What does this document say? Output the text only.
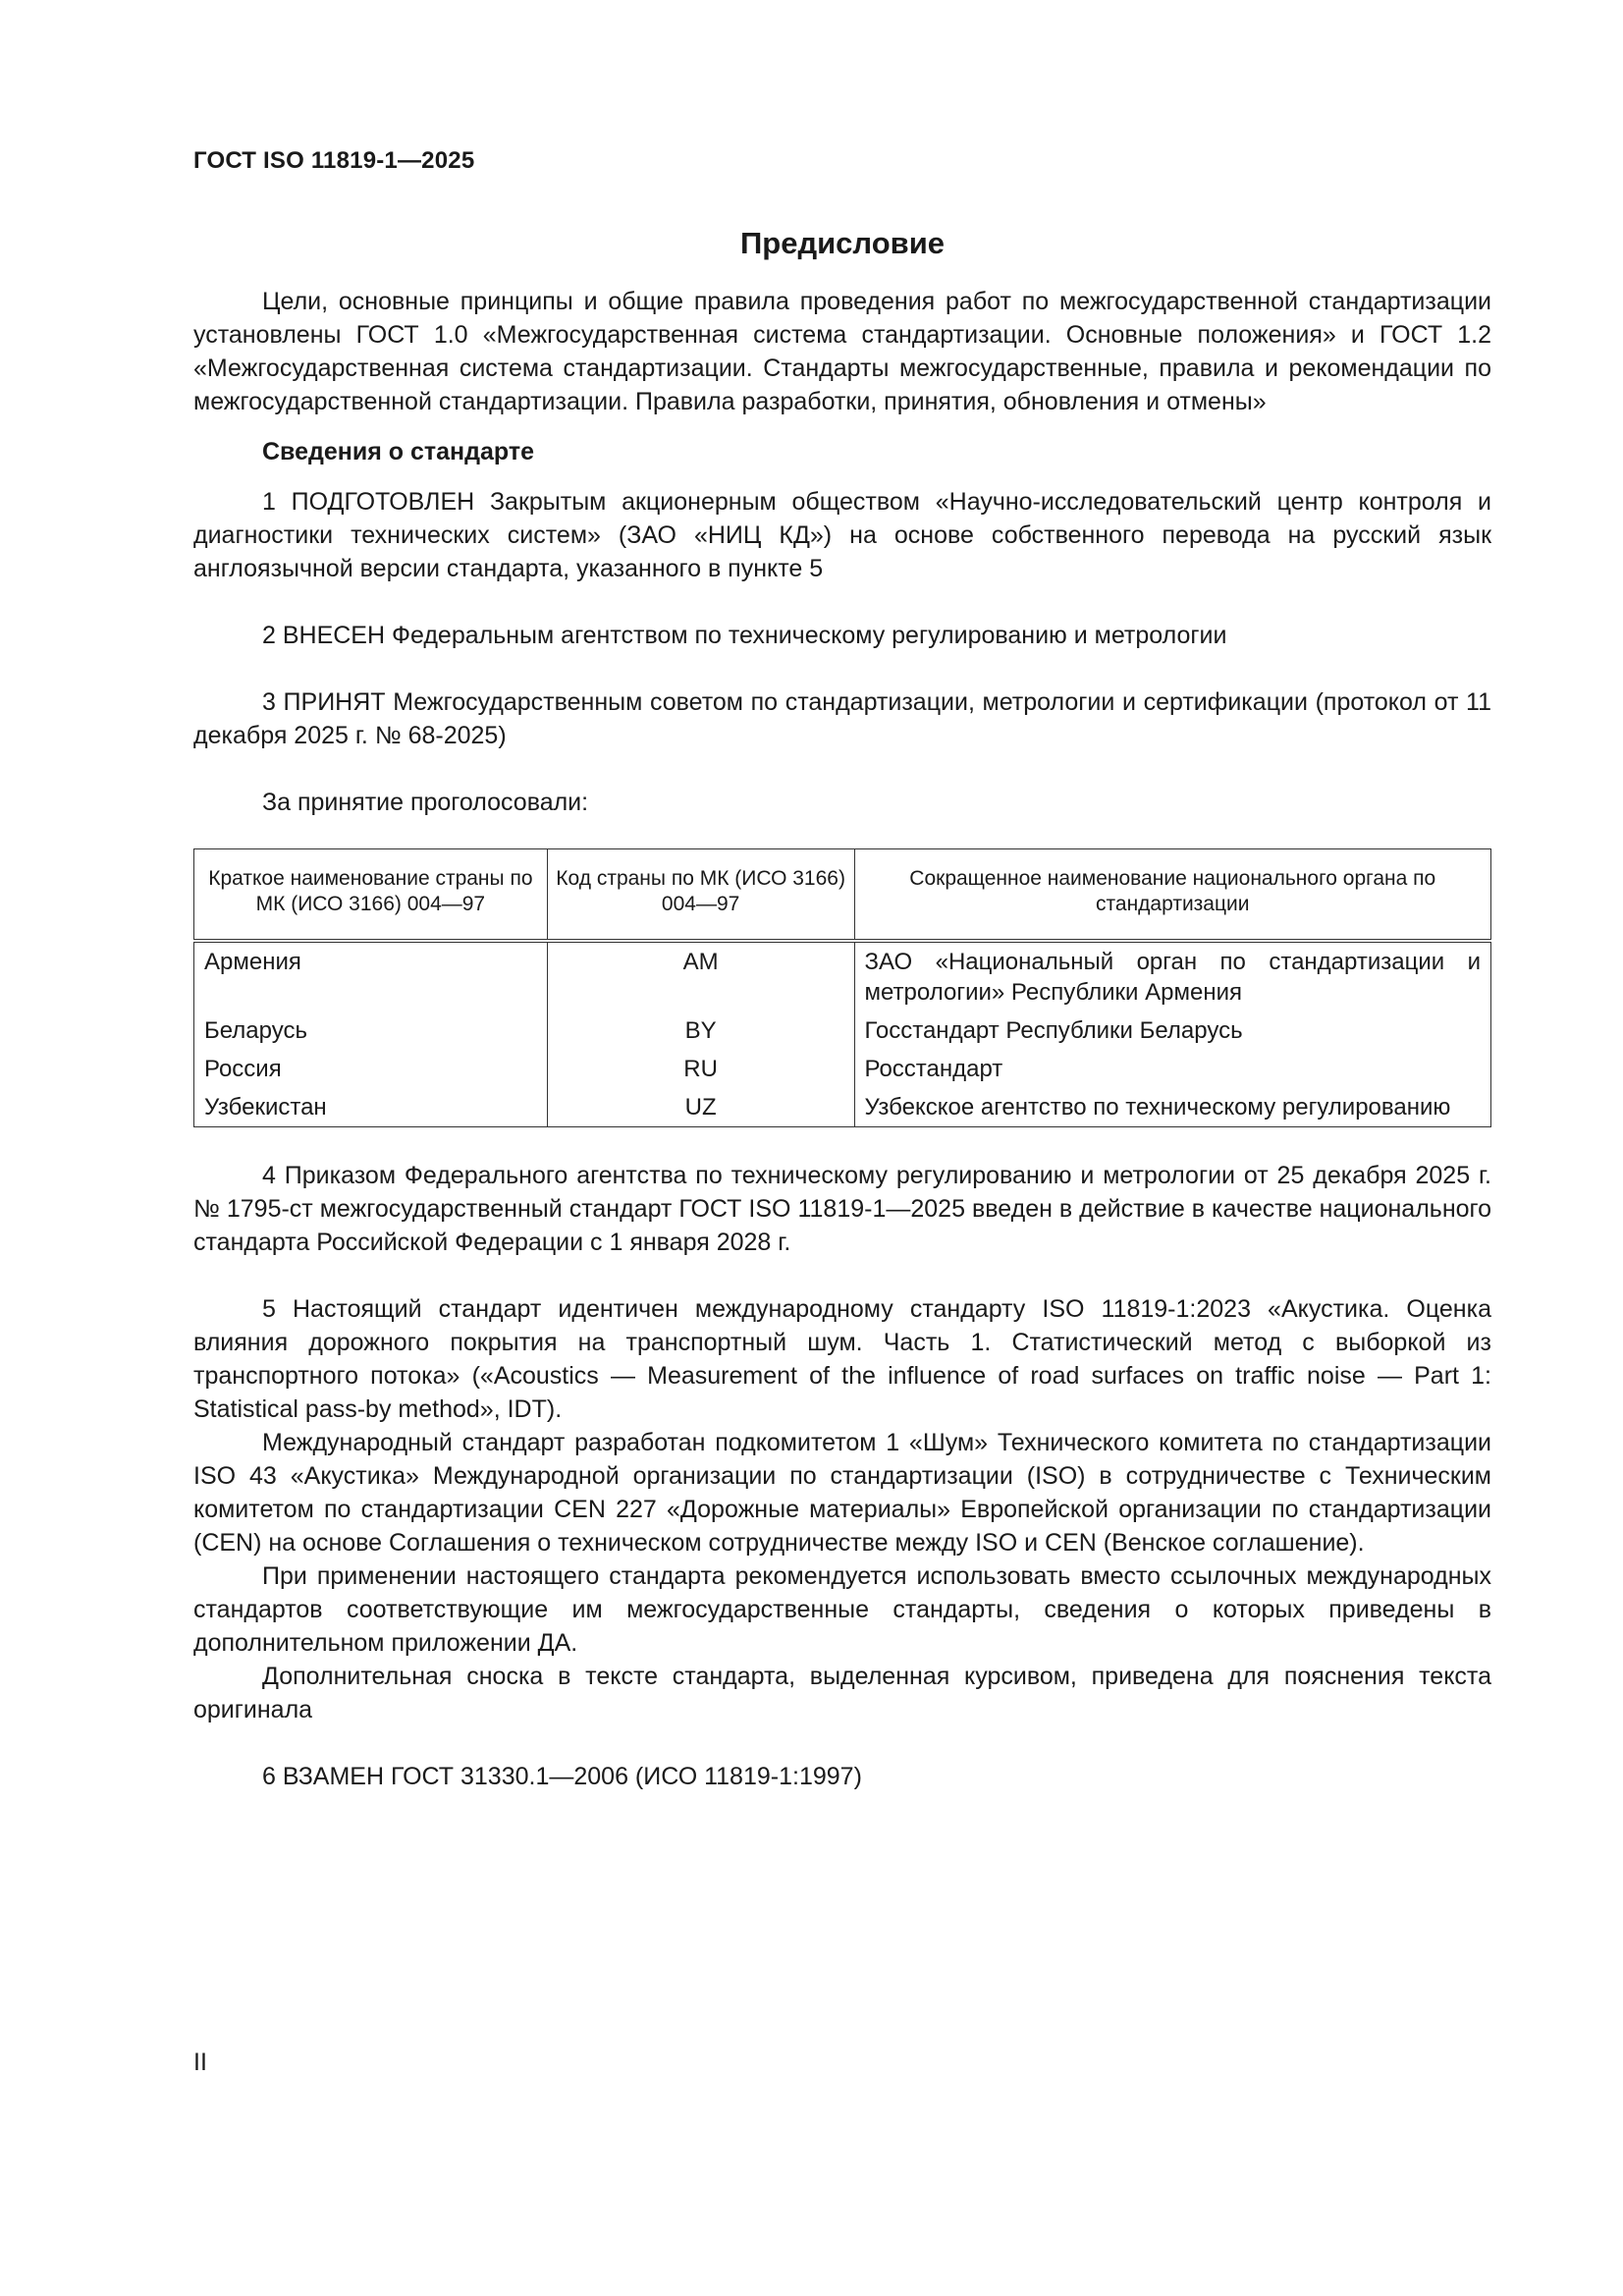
ГОСТ ISO 11819-1—2025
Предисловие

Цели, основные принципы и общие правила проведения работ по межгосударственной стандартизации установлены ГОСТ 1.0 «Межгосударственная система стандартизации. Основные положения» и ГОСТ 1.2 «Межгосударственная система стандартизации. Стандарты межгосударственные, правила и рекомендации по межгосударственной стандартизации. Правила разработки, принятия, обновления и отмены»

Сведения о стандарте

1 ПОДГОТОВЛЕН Закрытым акционерным обществом «Научно-исследовательский центр контроля и диагностики технических систем» (ЗАО «НИЦ КД») на основе собственного перевода на русский язык англоязычной версии стандарта, указанного в пункте 5

2 ВНЕСЕН Федеральным агентством по техническому регулированию и метрологии

3 ПРИНЯТ Межгосударственным советом по стандартизации, метрологии и сертификации (протокол от 11 декабря 2025 г. № 68-2025)

За принятие проголосовали:

Краткое наименование страны по МК (ИСО 3166) 004—97	Код страны по МК (ИСО 3166) 004—97	Сокращенное наименование национального органа по стандартизации
Армения	AM	ЗАО «Национальный орган по стандартизации и метрологии» Республики Армения
Беларусь	BY	Госстандарт Республики Беларусь
Россия	RU	Росстандарт
Узбекистан	UZ	Узбекское агентство по техническому регулированию

4 Приказом Федерального агентства по техническому регулированию и метрологии от 25 декабря 2025 г. № 1795-ст межгосударственный стандарт ГОСТ ISO 11819-1—2025 введен в действие в качестве национального стандарта Российской Федерации с 1 января 2028 г.

5 Настоящий стандарт идентичен международному стандарту ISO 11819-1:2023 «Акустика. Оценка влияния дорожного покрытия на транспортный шум. Часть 1. Статистический метод с выборкой из транспортного потока» («Acoustics — Measurement of the influence of road surfaces on traffic noise — Part 1: Statistical pass-by method», IDT).

Международный стандарт разработан подкомитетом 1 «Шум» Технического комитета по стандартизации ISO 43 «Акустика» Международной организации по стандартизации (ISO) в сотрудничестве с Техническим комитетом по стандартизации CEN 227 «Дорожные материалы» Европейской организации по стандартизации (CEN) на основе Соглашения о техническом сотрудничестве между ISO и CEN (Венское соглашение).

При применении настоящего стандарта рекомендуется использовать вместо ссылочных международных стандартов соответствующие им межгосударственные стандарты, сведения о которых приведены в дополнительном приложении ДА.

Дополнительная сноска в тексте стандарта, выделенная курсивом, приведена для пояснения текста оригинала

6 ВЗАМЕН ГОСТ 31330.1—2006 (ИСО 11819-1:1997)

II
